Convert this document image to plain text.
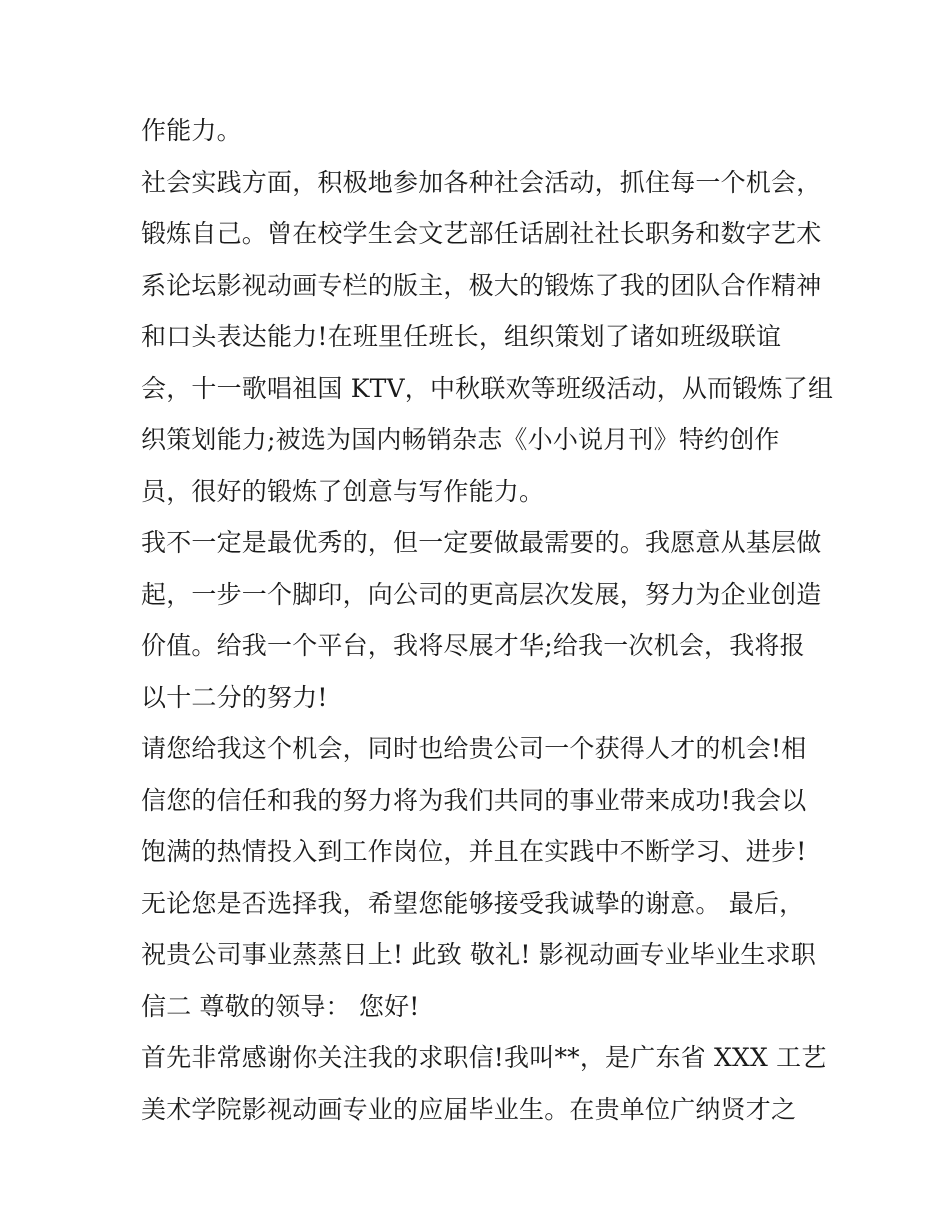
作能力。
社会实践方面，积极地参加各种社会活动，抓住每一个机会，
锻炼自己。曾在校学生会文艺部任话剧社社长职务和数字艺术
系论坛影视动画专栏的版主，极大的锻炼了我的团队合作精神
和口头表达能力!在班里任班长，组织策划了诸如班级联谊
会，十一歌唱祖国 KTV，中秋联欢等班级活动，从而锻炼了组
织策划能力;被选为国内畅销杂志《小小说月刊》特约创作
员，很好的锻炼了创意与写作能力。
我不一定是最优秀的，但一定要做最需要的。我愿意从基层做
起，一步一个脚印，向公司的更高层次发展，努力为企业创造
价值。给我一个平台，我将尽展才华;给我一次机会，我将报
以十二分的努力!
请您给我这个机会，同时也给贵公司一个获得人才的机会!相
信您的信任和我的努力将为我们共同的事业带来成功!我会以
饱满的热情投入到工作岗位，并且在实践中不断学习、进步!
无论您是否选择我，希望您能够接受我诚挚的谢意。 最后，
祝贵公司事业蒸蒸日上! 此致 敬礼! 影视动画专业毕业生求职
信二 尊敬的领导： 您好!
首先非常感谢你关注我的求职信!我叫**，是广东省 XXX 工艺
美术学院影视动画专业的应届毕业生。在贵单位广纳贤才之
